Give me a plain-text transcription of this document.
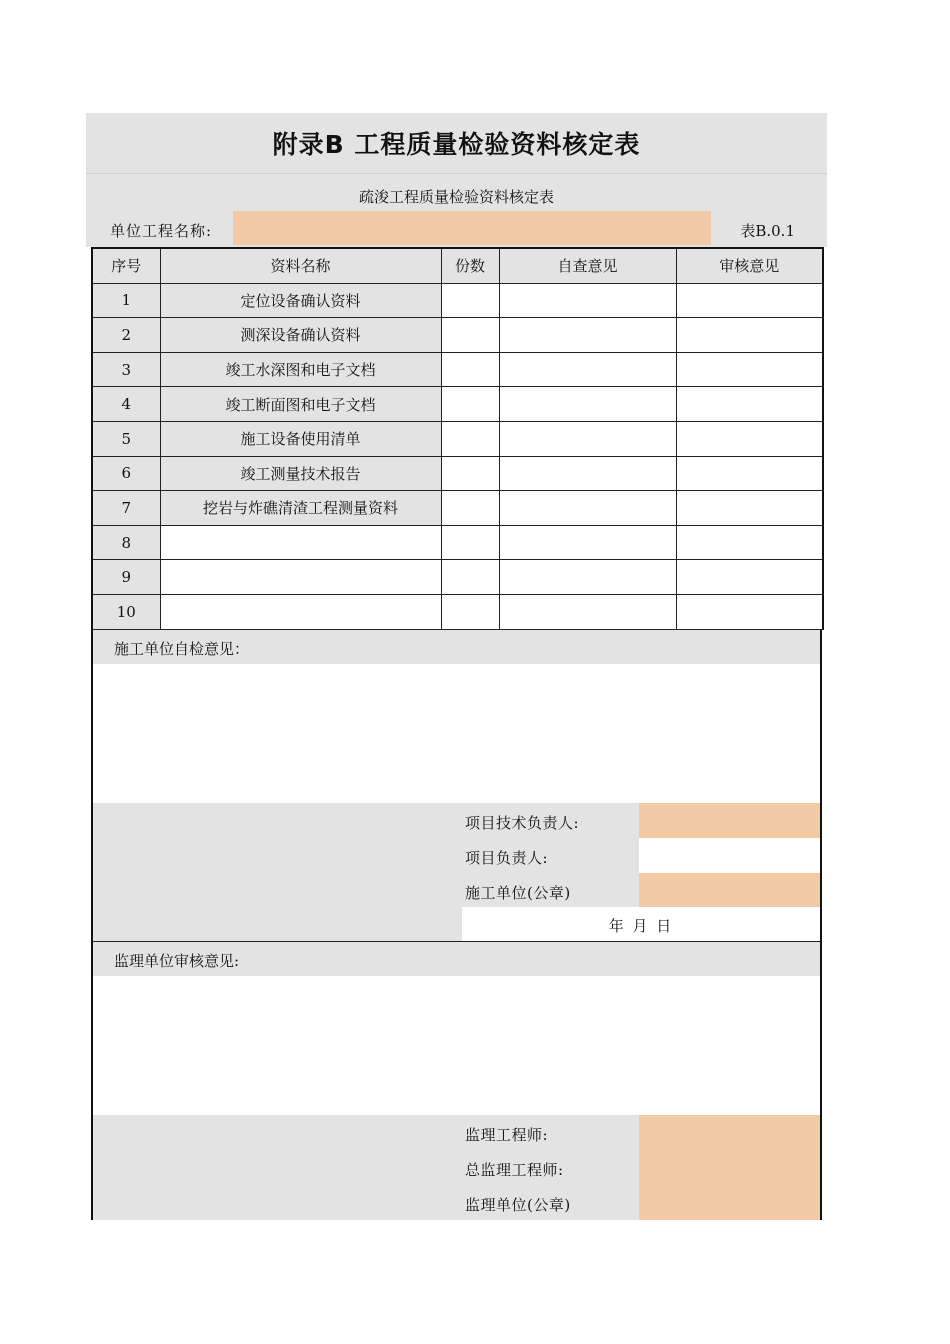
附录B 工程质量检验资料核定表
疏浚工程质量检验资料核定表
单位工程名称:	表B.0.1
序号	资料名称	份数	自查意见	审核意见
1	定位设备确认资料			
2	测深设备确认资料			
3	竣工水深图和电子文档			
4	竣工断面图和电子文档			
5	施工设备使用清单			
6	竣工测量技术报告			
7	挖岩与炸礁清渣工程测量资料			
8				
9				
10				
施工单位自检意见：
项目技术负责人:
项目负责人:
施工单位(公章)
年 月 日
监理单位审核意见:
监理工程师:
总监理工程师:
监理单位(公章)
